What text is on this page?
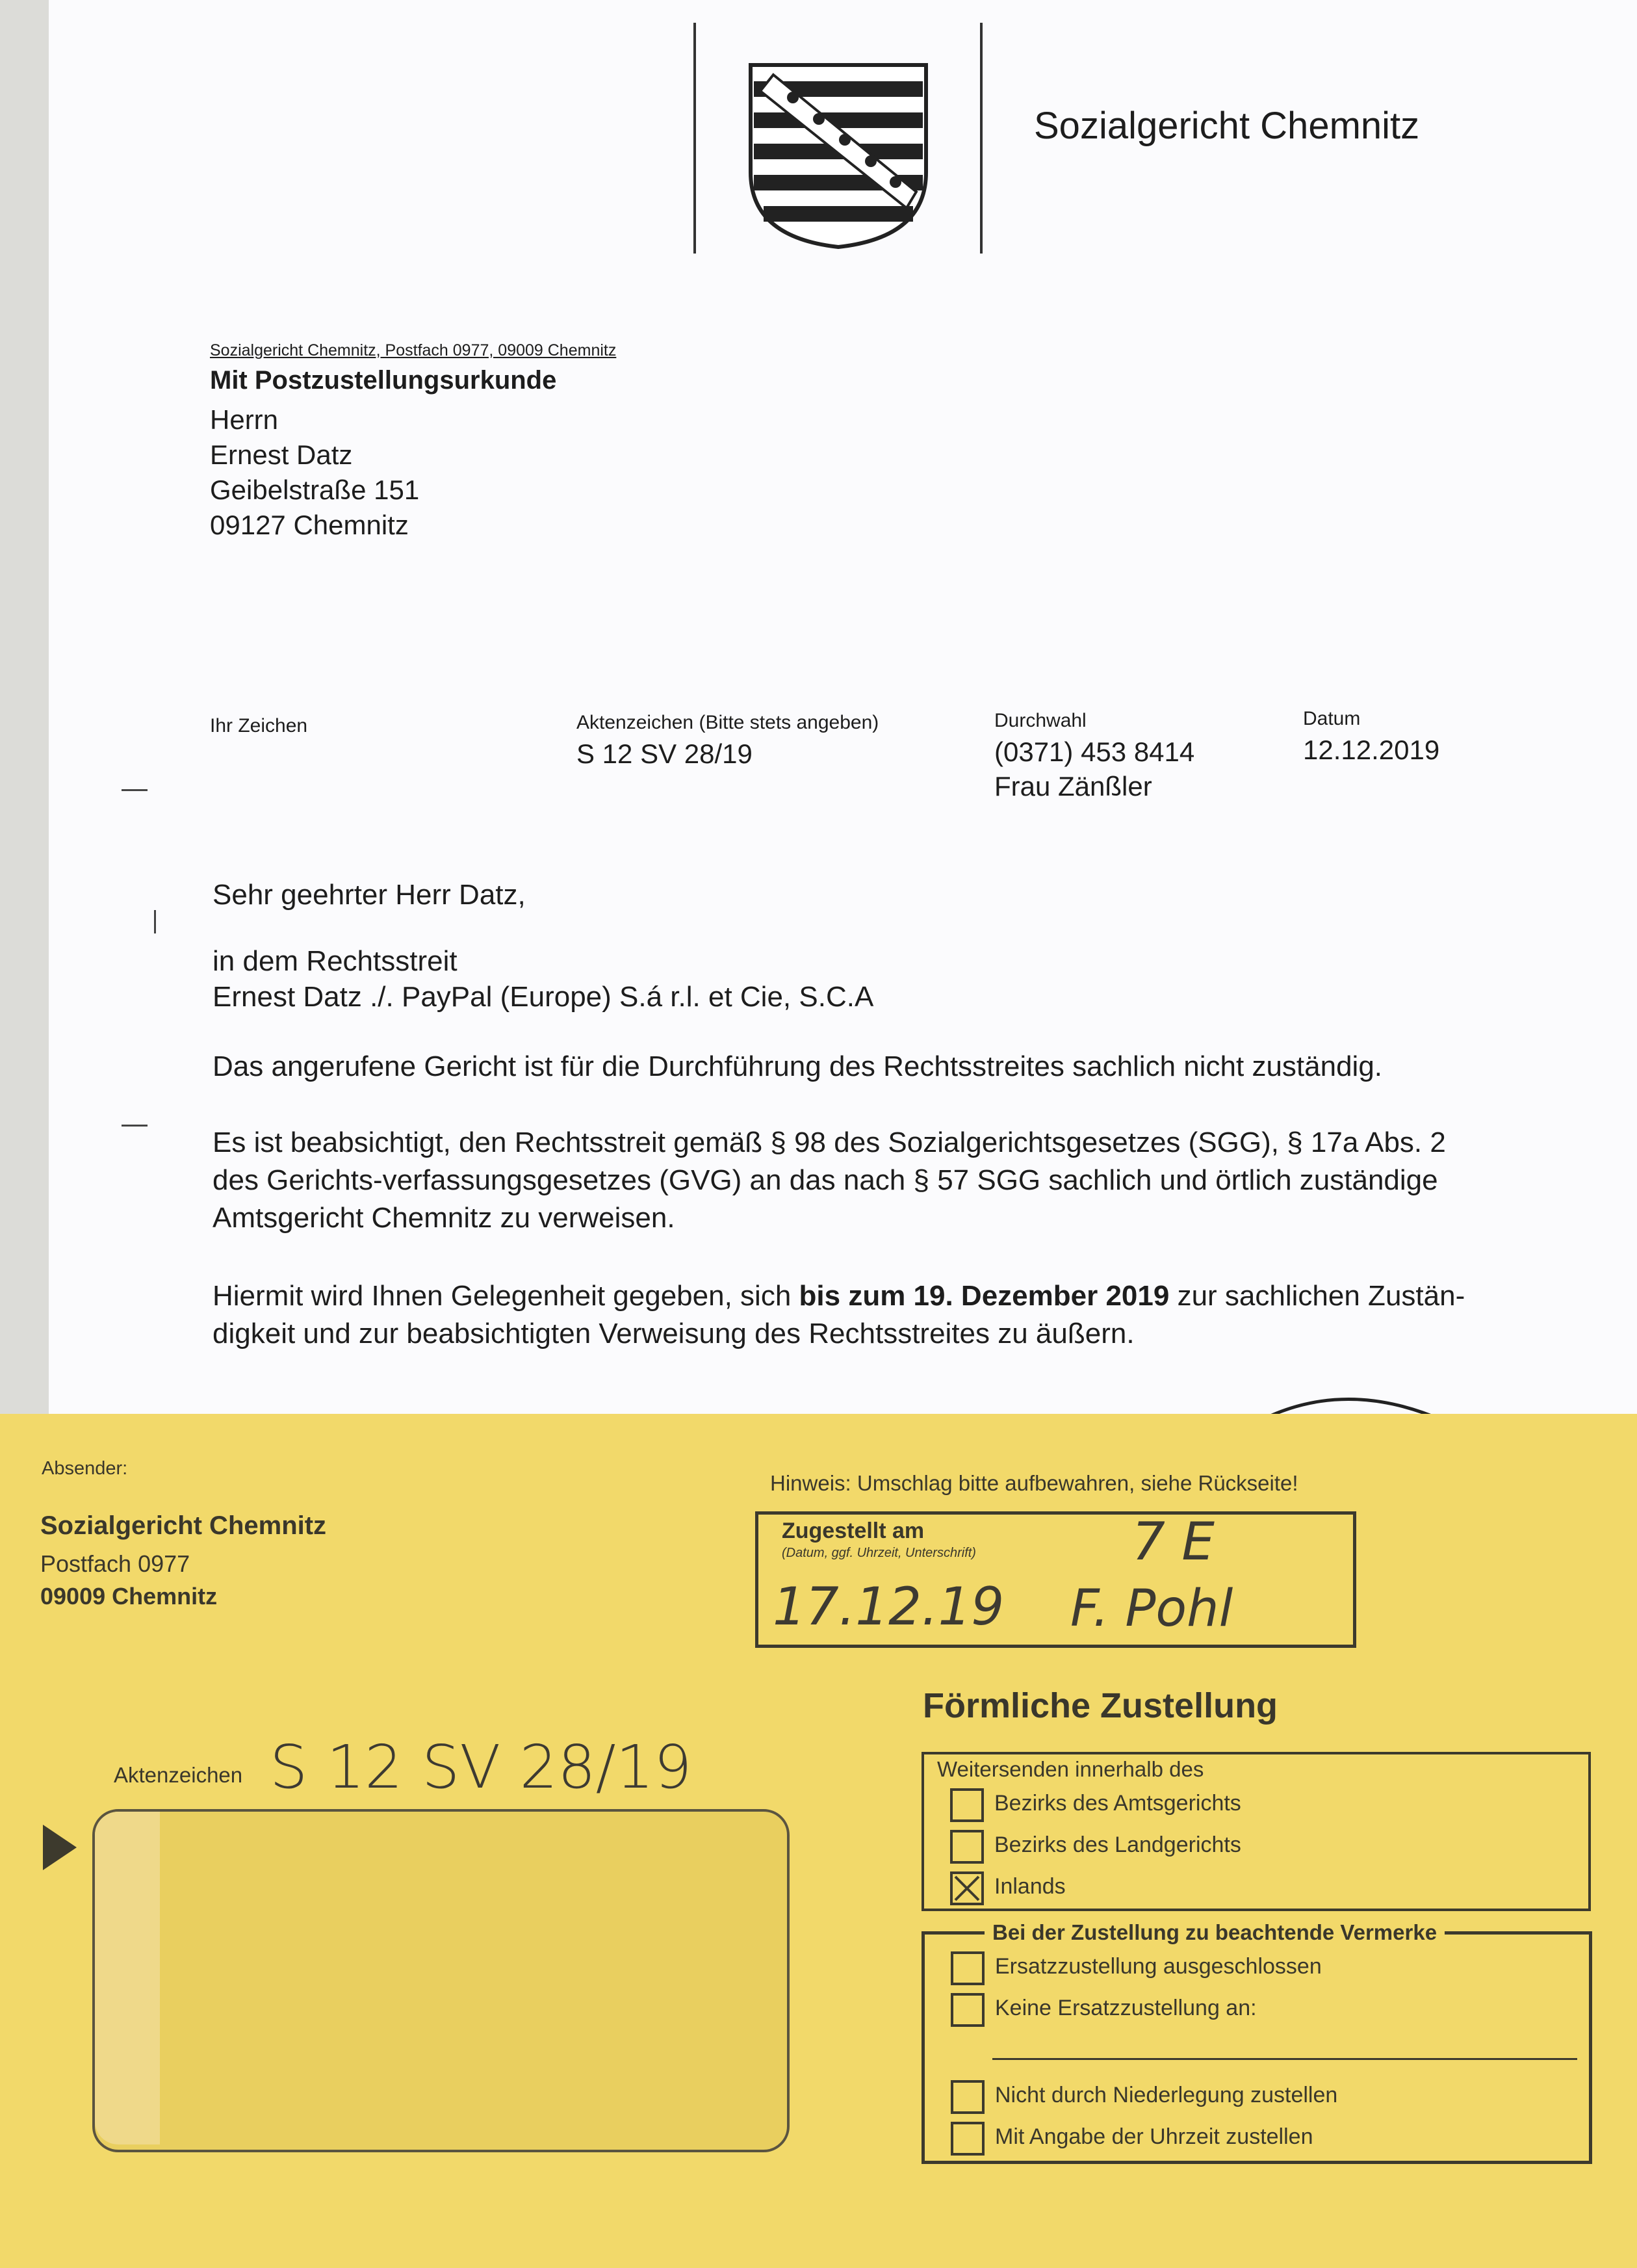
Sozialgericht Chemnitz
Sozialgericht Chemnitz, Postfach 0977, 09009 Chemnitz
Mit Postzustellungsurkunde
Herrn
Ernest Datz
Geibelstraße 151
09127 Chemnitz
Ihr Zeichen	Aktenzeichen (Bitte stets angeben)
S 12 SV 28/19
Durchwahl
(0371) 453 8414
Frau Zänßler
Datum
12.12.2019
Sehr geehrter Herr Datz,
in dem Rechtsstreit
Ernest Datz ./. PayPal (Europe) S.á r.l. et Cie, S.C.A
Das angerufene Gericht ist für die Durchführung des Rechtsstreites sachlich nicht zuständig.
Es ist beabsichtigt, den Rechtsstreit gemäß § 98 des Sozialgerichtsgesetzes (SGG), § 17a Abs. 2
des Gerichts-verfassungsgesetzes (GVG) an das nach § 57 SGG sachlich und örtlich zuständige
Amtsgericht Chemnitz zu verweisen.
Hiermit wird Ihnen Gelegenheit gegeben, sich bis zum 19. Dezember 2019 zur sachlichen Zustän-
digkeit und zur beabsichtigten Verweisung des Rechtsstreites zu äußern.
Absender:
Sozialgericht Chemnitz
Postfach 0977
09009 Chemnitz
Hinweis: Umschlag bitte aufbewahren, siehe Rückseite!
Zugestellt am
(Datum, ggf. Uhrzeit, Unterschrift)
17.12.19
7 E
F. Pohl
Förmliche Zustellung
Weitersenden innerhalb des
Bezirks des Amtsgerichts
Bezirks des Landgerichts
Inlands
Bei der Zustellung zu beachtende Vermerke
Ersatzzustellung ausgeschlossen
Keine Ersatzzustellung an:
Nicht durch Niederlegung zustellen
Mit Angabe der Uhrzeit zustellen
Aktenzeichen S 12 SV 28/19
